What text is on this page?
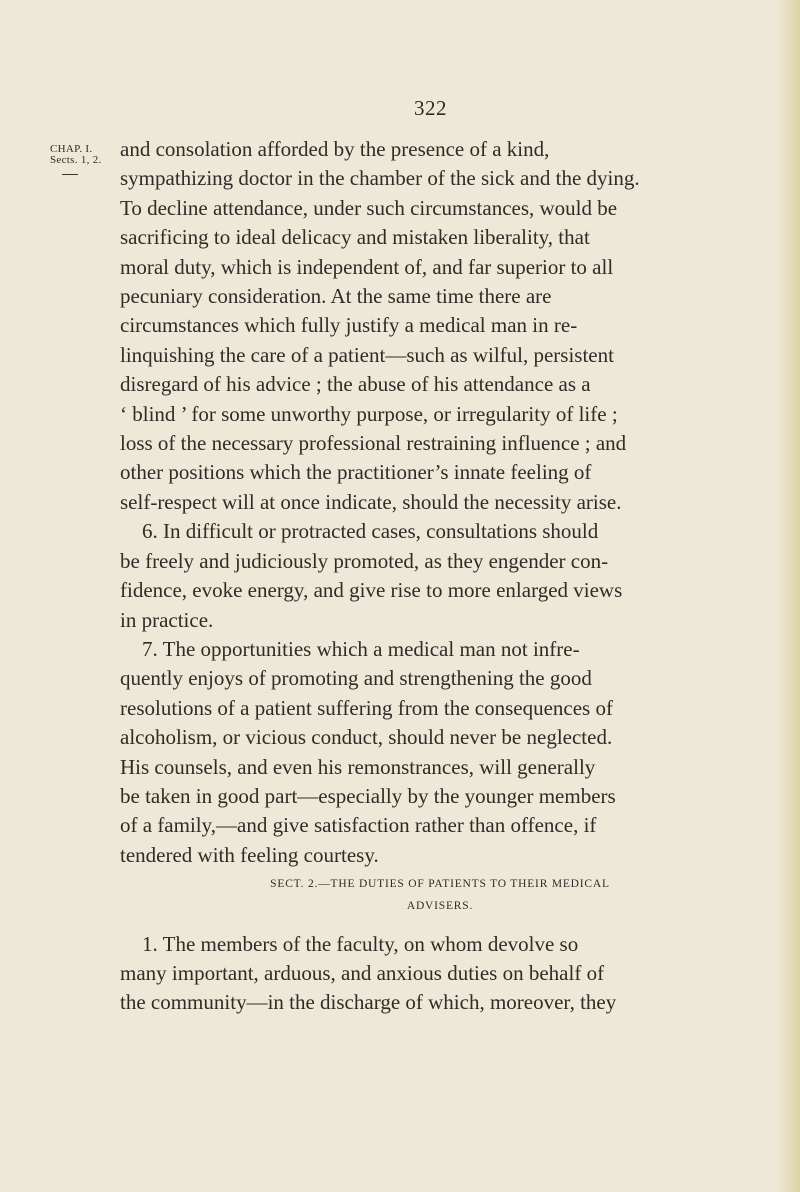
322
CHAP. I.
Sects. 1, 2. and consolation afforded by the presence of a kind,
sympathizing doctor in the chamber of the sick and the dying.
To decline attendance, under such circumstances, would be
sacrificing to ideal delicacy and mistaken liberality, that
moral duty, which is independent of, and far superior to all
pecuniary consideration. At the same time there are
circumstances which fully justify a medical man in re-
linquishing the care of a patient—such as wilful, persistent
disregard of his advice ; the abuse of his attendance as a
‘ blind ’ for some unworthy purpose, or irregularity of life ;
loss of the necessary professional restraining influence ; and
other positions which the practitioner’s innate feeling of
self-respect will at once indicate, should the necessity arise.

6. In difficult or protracted cases, consultations should
be freely and judiciously promoted, as they engender con-
fidence, evoke energy, and give rise to more enlarged views
in practice.

7. The opportunities which a medical man not infre-
quently enjoys of promoting and strengthening the good
resolutions of a patient suffering from the consequences of
alcoholism, or vicious conduct, should never be neglected.
His counsels, and even his remonstrances, will generally
be taken in good part—especially by the younger members
of a family,—and give satisfaction rather than offence, if
tendered with feeling courtesy.

SECT. 2.—THE DUTIES OF PATIENTS TO THEIR MEDICAL
ADVISERS.

1. The members of the faculty, on whom devolve so
many important, arduous, and anxious duties on behalf of
the community—in the discharge of which, moreover, they
